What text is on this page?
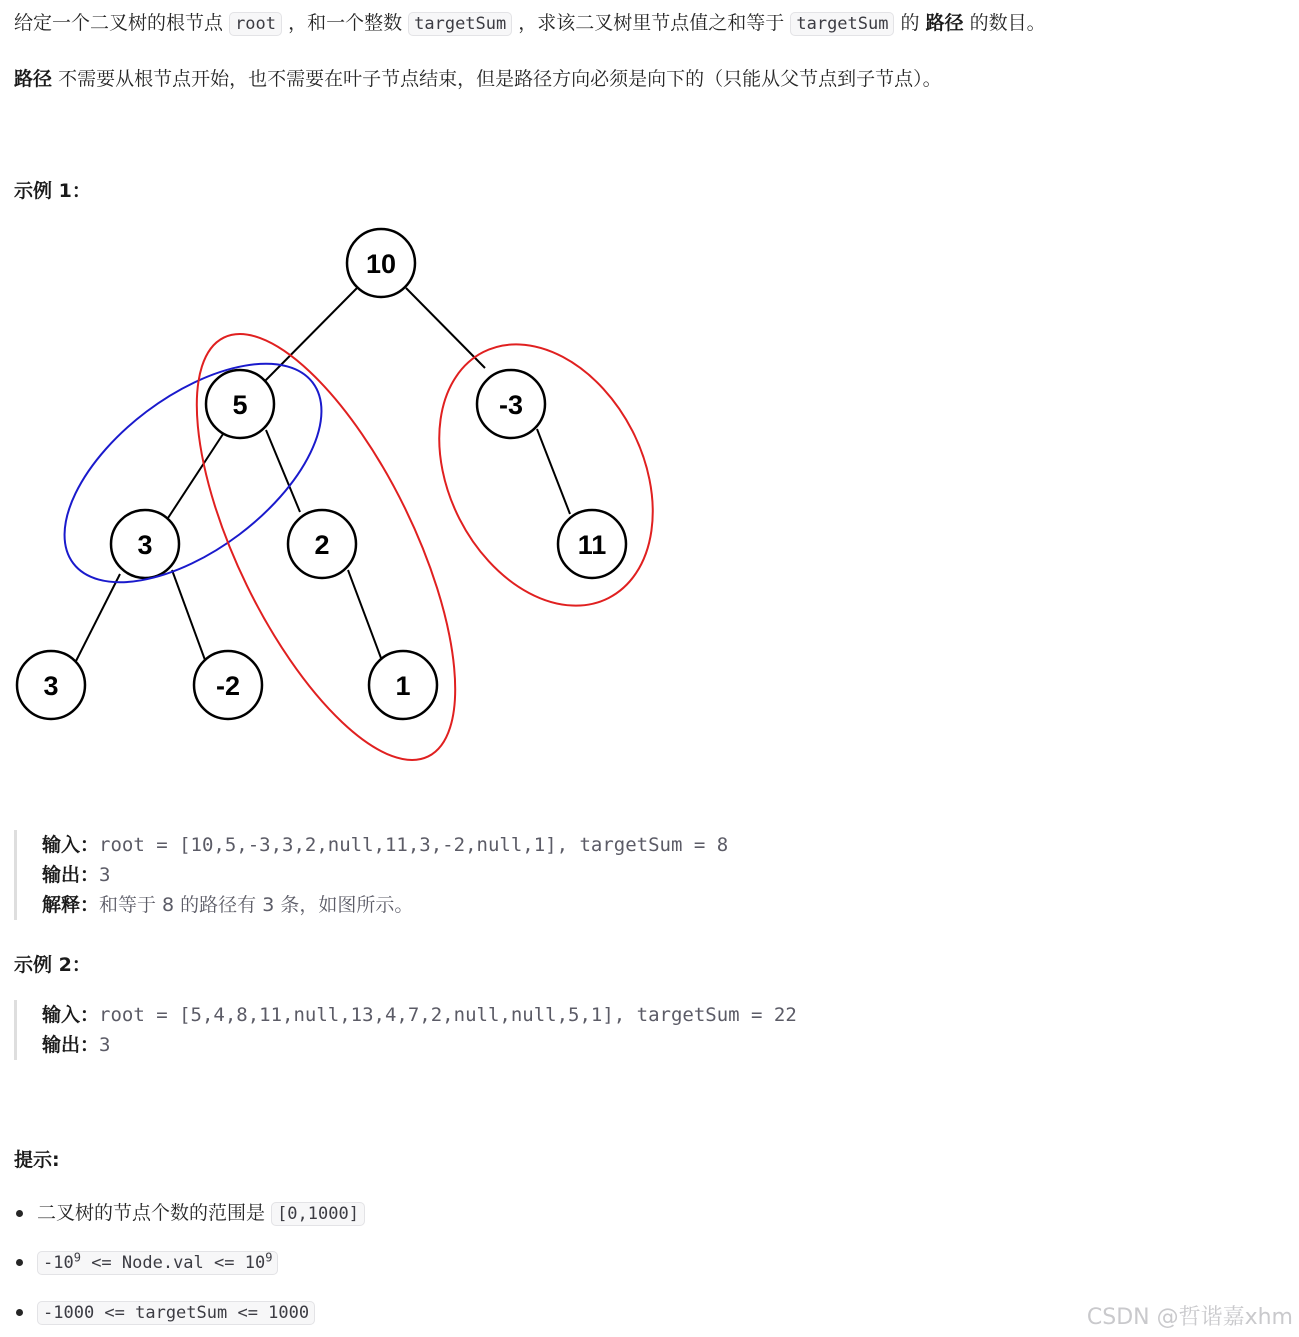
给定一个二叉树的根节点 root ，和一个整数 targetSum ，求该二叉树里节点值之和等于 targetSum 的 路径 的数目。
路径 不需要从根节点开始，也不需要在叶子节点结束，但是路径方向必须是向下的（只能从父节点到子节点）。
示例 1：
10
5	-3
3	2	11
3	-2	1
输入：root = [10,5,-3,3,2,null,11,3,-2,null,1], targetSum = 8
输出：3
解释：和等于 8 的路径有 3 条，如图所示。
示例 2：
输入：root = [5,4,8,11,null,13,4,7,2,null,null,5,1], targetSum = 22
输出：3
提示:
二叉树的节点个数的范围是 [0,1000]
$-10^9$ <= Node.val <= $10^9$
-1000 <= targetSum <= 1000	CSDN @哲谐嘉xhm
